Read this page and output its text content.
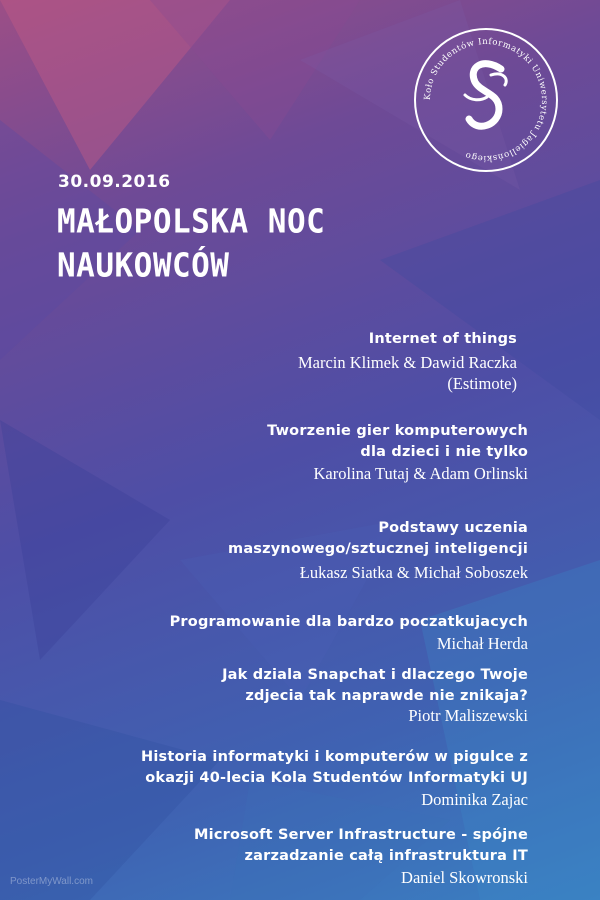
Koło Studentów Informatyki Uniwersytetu Jagiellońskiego
30.09.2016
MAŁOPOLSKA NOC
NAUKOWCÓW
Internet of things
Marcin Klimek & Dawid Raczka
(Estimote)
Tworzenie gier komputerowych
dla dzieci i nie tylko
Karolina Tutaj & Adam Orlinski
Podstawy uczenia
maszynowego/sztucznej inteligencji
Łukasz Siatka & Michał Soboszek
Programowanie dla bardzo poczatkujacych
Michał Herda
Jak dziala Snapchat i dlaczego Twoje
zdjecia tak naprawde nie znikaja?
Piotr Maliszewski
Historia informatyki i komputerów w pigulce z
okazji 40-lecia Kola Studentów Informatyki UJ
Dominika Zajac
Microsoft Server Infrastructure - spójne
zarzadzanie całą infrastruktura IT
Daniel Skowronski
PosterMyWall.com
